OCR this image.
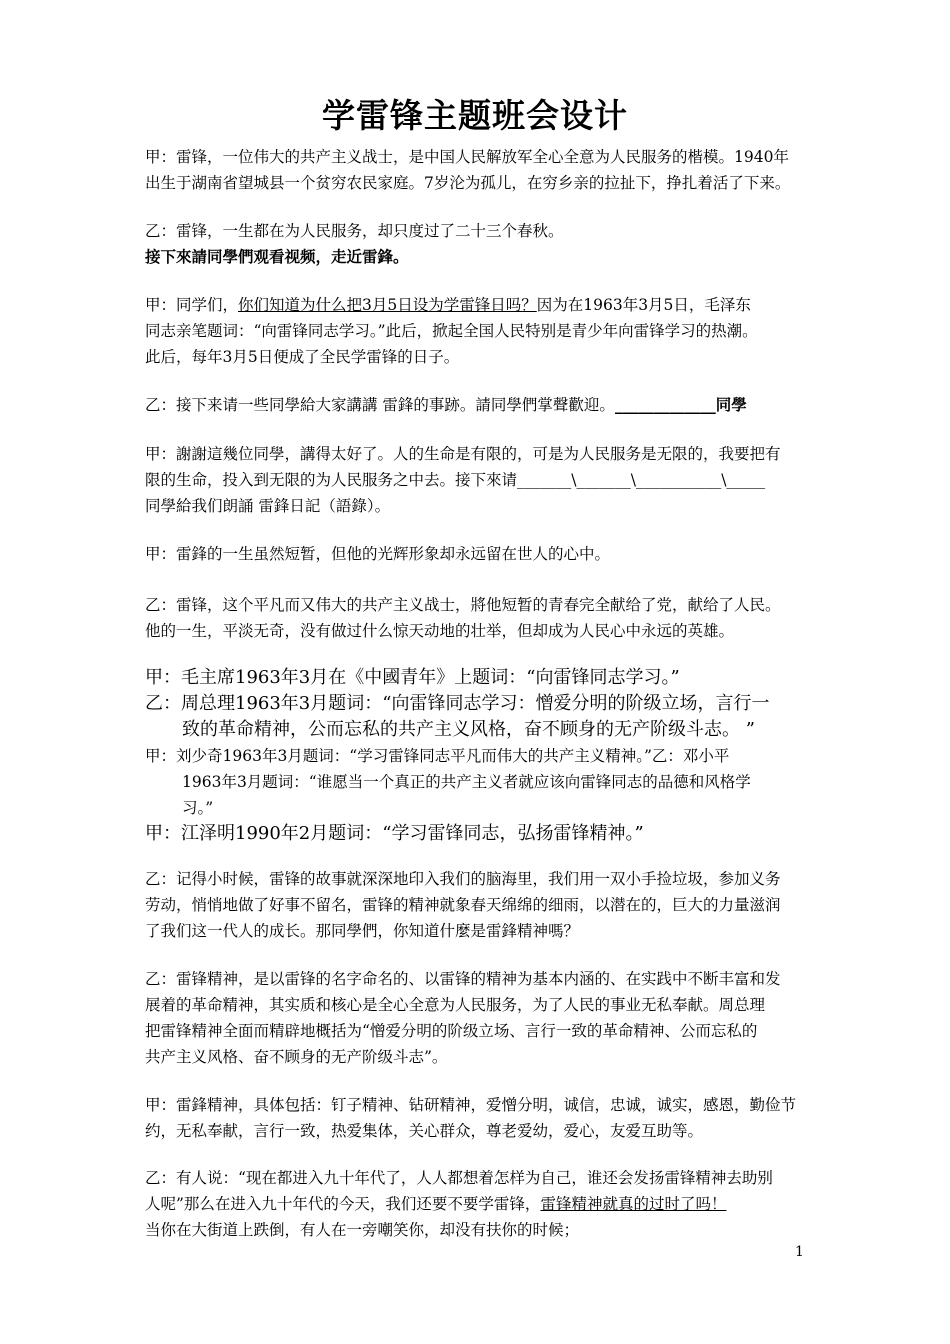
学雷锋主题班会设计
甲：雷锋，一位伟大的共产主义战士，是中国人民解放军全心全意为人民服务的楷模。1940年
出生于湖南省望城县一个贫穷农民家庭。7岁沦为孤儿，在穷乡亲的拉扯下，挣扎着活了下来。
乙：雷锋，一生都在为人民服务，却只度过了二十三个春秋。
接下來請同學們观看视频，走近雷鋒。
甲：同学们，你们知道为什么把3月5日设为学雷锋日吗？因为在1963年3月5日，毛泽东
同志亲笔题词：“向雷锋同志学习。”此后，掀起全国人民特别是青少年向雷锋学习的热潮。
此后，每年3月5日便成了全民学雷锋的日子。
乙：接下来请一些同學給大家講講 雷鋒的事跡。請同學們掌聲歡迎。_____________同學
甲：謝謝這幾位同學，講得太好了。人的生命是有限的，可是为人民服务是无限的，我要把有
限的生命，投入到无限的为人民服务之中去。接下來请_______\_______\___________\_____
同學給我们朗誦 雷鋒日記（語錄）。
甲：雷鋒的一生虽然短暂，但他的光辉形象却永远留在世人的心中。
乙：雷锋，这个平凡而又伟大的共产主义战士，將他短暂的青春完全献给了党，献给了人民。
他的一生，平淡无奇，没有做过什么惊天动地的壮举，但却成为人民心中永远的英雄。
甲：毛主席1963年3月在《中國青年》上题词：“向雷锋同志学习。”
乙：周总理1963年3月题词：“向雷锋同志学习：憎爱分明的阶级立场，言行一
致的革命精神，公而忘私的共产主义风格，奋不顾身的无产阶级斗志。 ”
甲：刘少奇1963年3月题词：“学习雷锋同志平凡而伟大的共产主义精神。”乙：邓小平
1963年3月题词：“谁愿当一个真正的共产主义者就应该向雷锋同志的品德和风格学
习。”
甲：江泽明1990年2月题词：“学习雷锋同志，弘扬雷锋精神。”
乙：记得小时候，雷锋的故事就深深地印入我们的脑海里，我们用一双小手捡垃圾，参加义务
劳动，悄悄地做了好事不留名，雷锋的精神就象春天绵绵的细雨，以潜在的，巨大的力量滋润
了我们这一代人的成长。那同學們，你知道什麼是雷鋒精神嗎？
乙：雷锋精神，是以雷锋的名字命名的、以雷锋的精神为基本内涵的、在实践中不断丰富和发
展着的革命精神，其实质和核心是全心全意为人民服务，为了人民的事业无私奉献。周总理
把雷锋精神全面而精辟地概括为“憎爱分明的阶级立场、言行一致的革命精神、公而忘私的
共产主义风格、奋不顾身的无产阶级斗志”。
甲：雷鋒精神，具体包括：钉子精神、钻研精神，爱憎分明，诚信，忠诚，诚实，感恩，勤俭节
约，无私奉献，言行一致，热爱集体，关心群众，尊老爱幼，爱心，友爱互助等。
乙：有人说：“现在都进入九十年代了，人人都想着怎样为自己，谁还会发扬雷锋精神去助别
人呢”那么在进入九十年代的今天，我们还要不要学雷锋，雷锋精神就真的过时了吗！
当你在大街道上跌倒，有人在一旁嘲笑你，却没有扶你的时候；
1
